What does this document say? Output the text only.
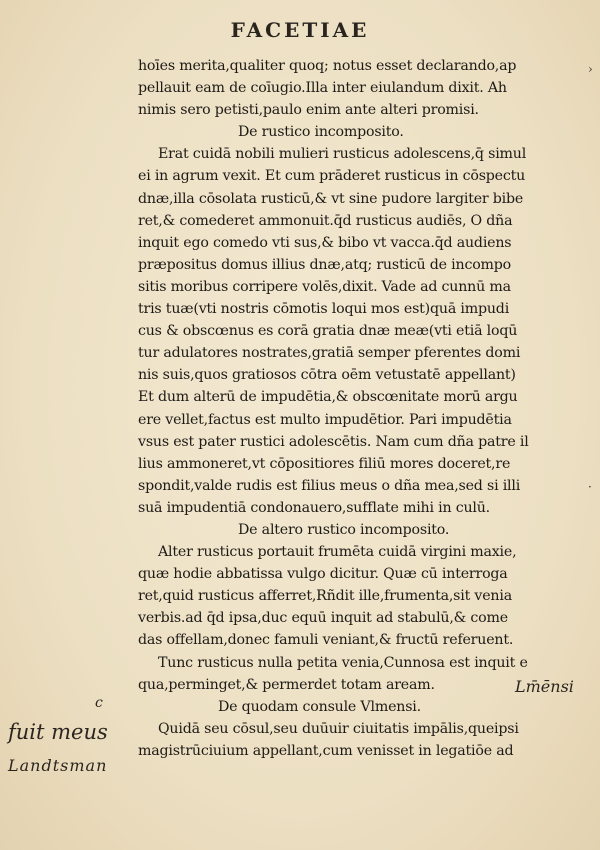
FACETIAE
hoīes merita,qualiter quoq; notus esset declarando,ap
pellauit eam de coīugio.Illa inter eiulandum dixit. Ah
nimis sero petisti,paulo enim ante alteri promisi.
De rustico incomposito.
Erat cuidā nobili mulieri rusticus adolescens,q̄ simul
ei in agrum vexit. Et cum prāderet rusticus in cōspectu
dnæ,illa cōsolata rusticū,& vt sine pudore largiter bibe
ret,& comederet ammonuit.q̄d rusticus audiēs, O dña
inquit ego comedo vti sus,& bibo vt vacca.q̄d audiens
præpositus domus illius dnæ,atq; rusticū de incompo
sitis moribus corripere volēs,dixit. Vade ad cunnū ma
tris tuæ(vti nostris cōmotis loqui mos est)quā impudi
cus & obscœnus es corā gratia dnæ meæ(vti etiā loqū
tur adulatores nostrates,gratiā semper pferentes domi
nis suis,quos gratiosos cōtra oēm vetustatē appellant)
Et dum alterū de impudētia,& obscœnitate morū argu
ere vellet,factus est multo impudētior. Pari impudētia
vsus est pater rustici adolescētis. Nam cum dña patre il
lius ammoneret,vt cōpositiores filiū mores doceret,re
spondit,valde rudis est filius meus o dña mea,sed si illi
suā impudentiā condonauero,sufflate mihi in culū.
De altero rustico incomposito.
Alter rusticus portauit frumēta cuidā virgini maxie,
quæ hodie abbatissa vulgo dicitur. Quæ cū interroga
ret,quid rusticus afferret,Rñdit ille,frumenta,sit venia
verbis.ad q̄d ipsa,duc equū inquit ad stabulū,& come
das offellam,donec famuli veniant,& fructū referuent.
Tunc rusticus nulla petita venia,Cunnosa est inquit e
qua,perminget,& permerdet totam aream.
De quodam consule Vlmensi.
Quidā seu cōsul,seu duūuir ciuitatis impālis,queipsi
magistrūciuium appellant,cum venisset in legatiōe ad
c
Lm̄ēnsi
fuit meus
Landtsman
›
·
